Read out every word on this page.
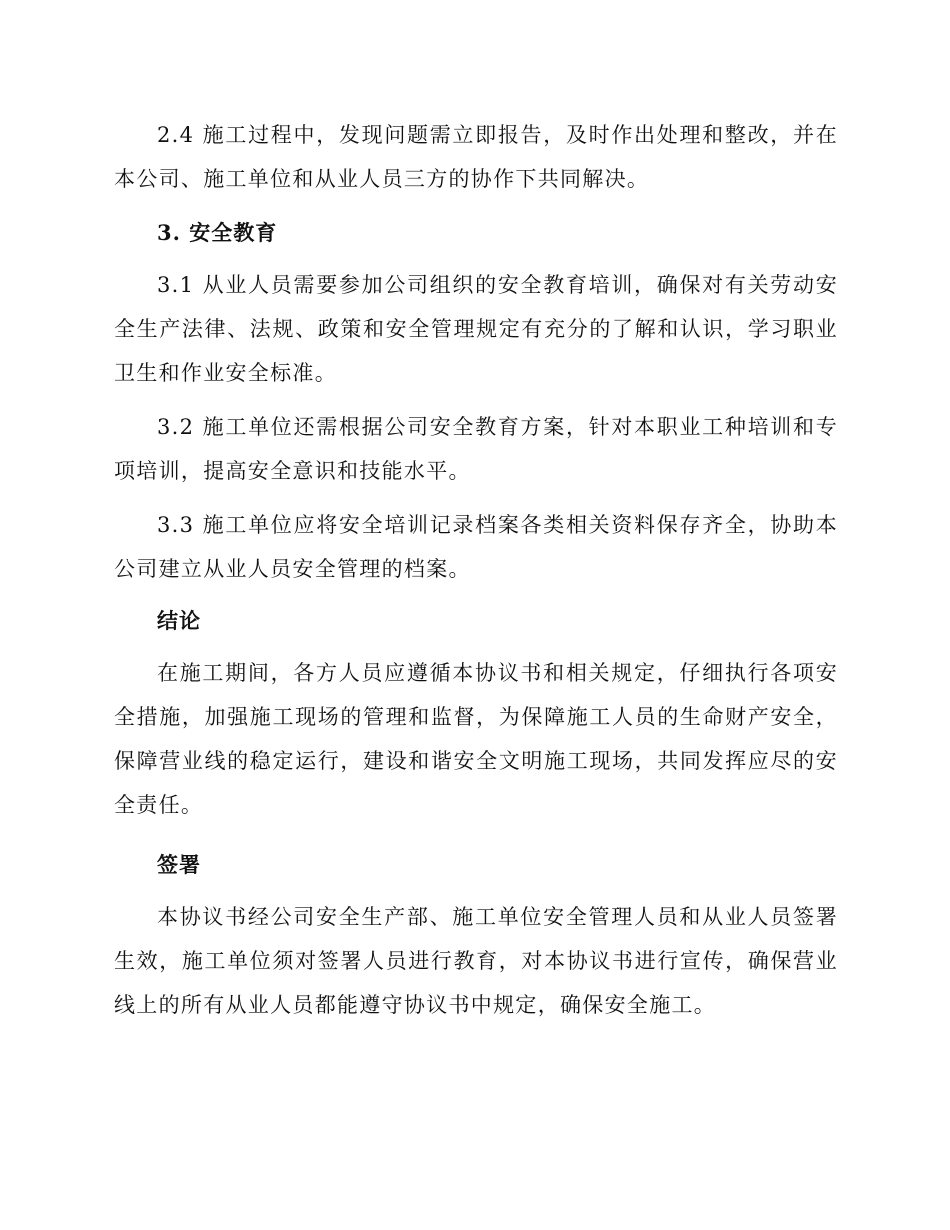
2.4 施工过程中，发现问题需立即报告，及时作出处理和整改，并在本公司、施工单位和从业人员三方的协作下共同解决。

3. 安全教育

3.1 从业人员需要参加公司组织的安全教育培训，确保对有关劳动安全生产法律、法规、政策和安全管理规定有充分的了解和认识，学习职业卫生和作业安全标准。

3.2 施工单位还需根据公司安全教育方案，针对本职业工种培训和专项培训，提高安全意识和技能水平。

3.3 施工单位应将安全培训记录档案各类相关资料保存齐全，协助本公司建立从业人员安全管理的档案。

结论

在施工期间，各方人员应遵循本协议书和相关规定，仔细执行各项安全措施，加强施工现场的管理和监督，为保障施工人员的生命财产安全，保障营业线的稳定运行，建设和谐安全文明施工现场，共同发挥应尽的安全责任。

签署

本协议书经公司安全生产部、施工单位安全管理人员和从业人员签署生效，施工单位须对签署人员进行教育，对本协议书进行宣传，确保营业线上的所有从业人员都能遵守协议书中规定，确保安全施工。
